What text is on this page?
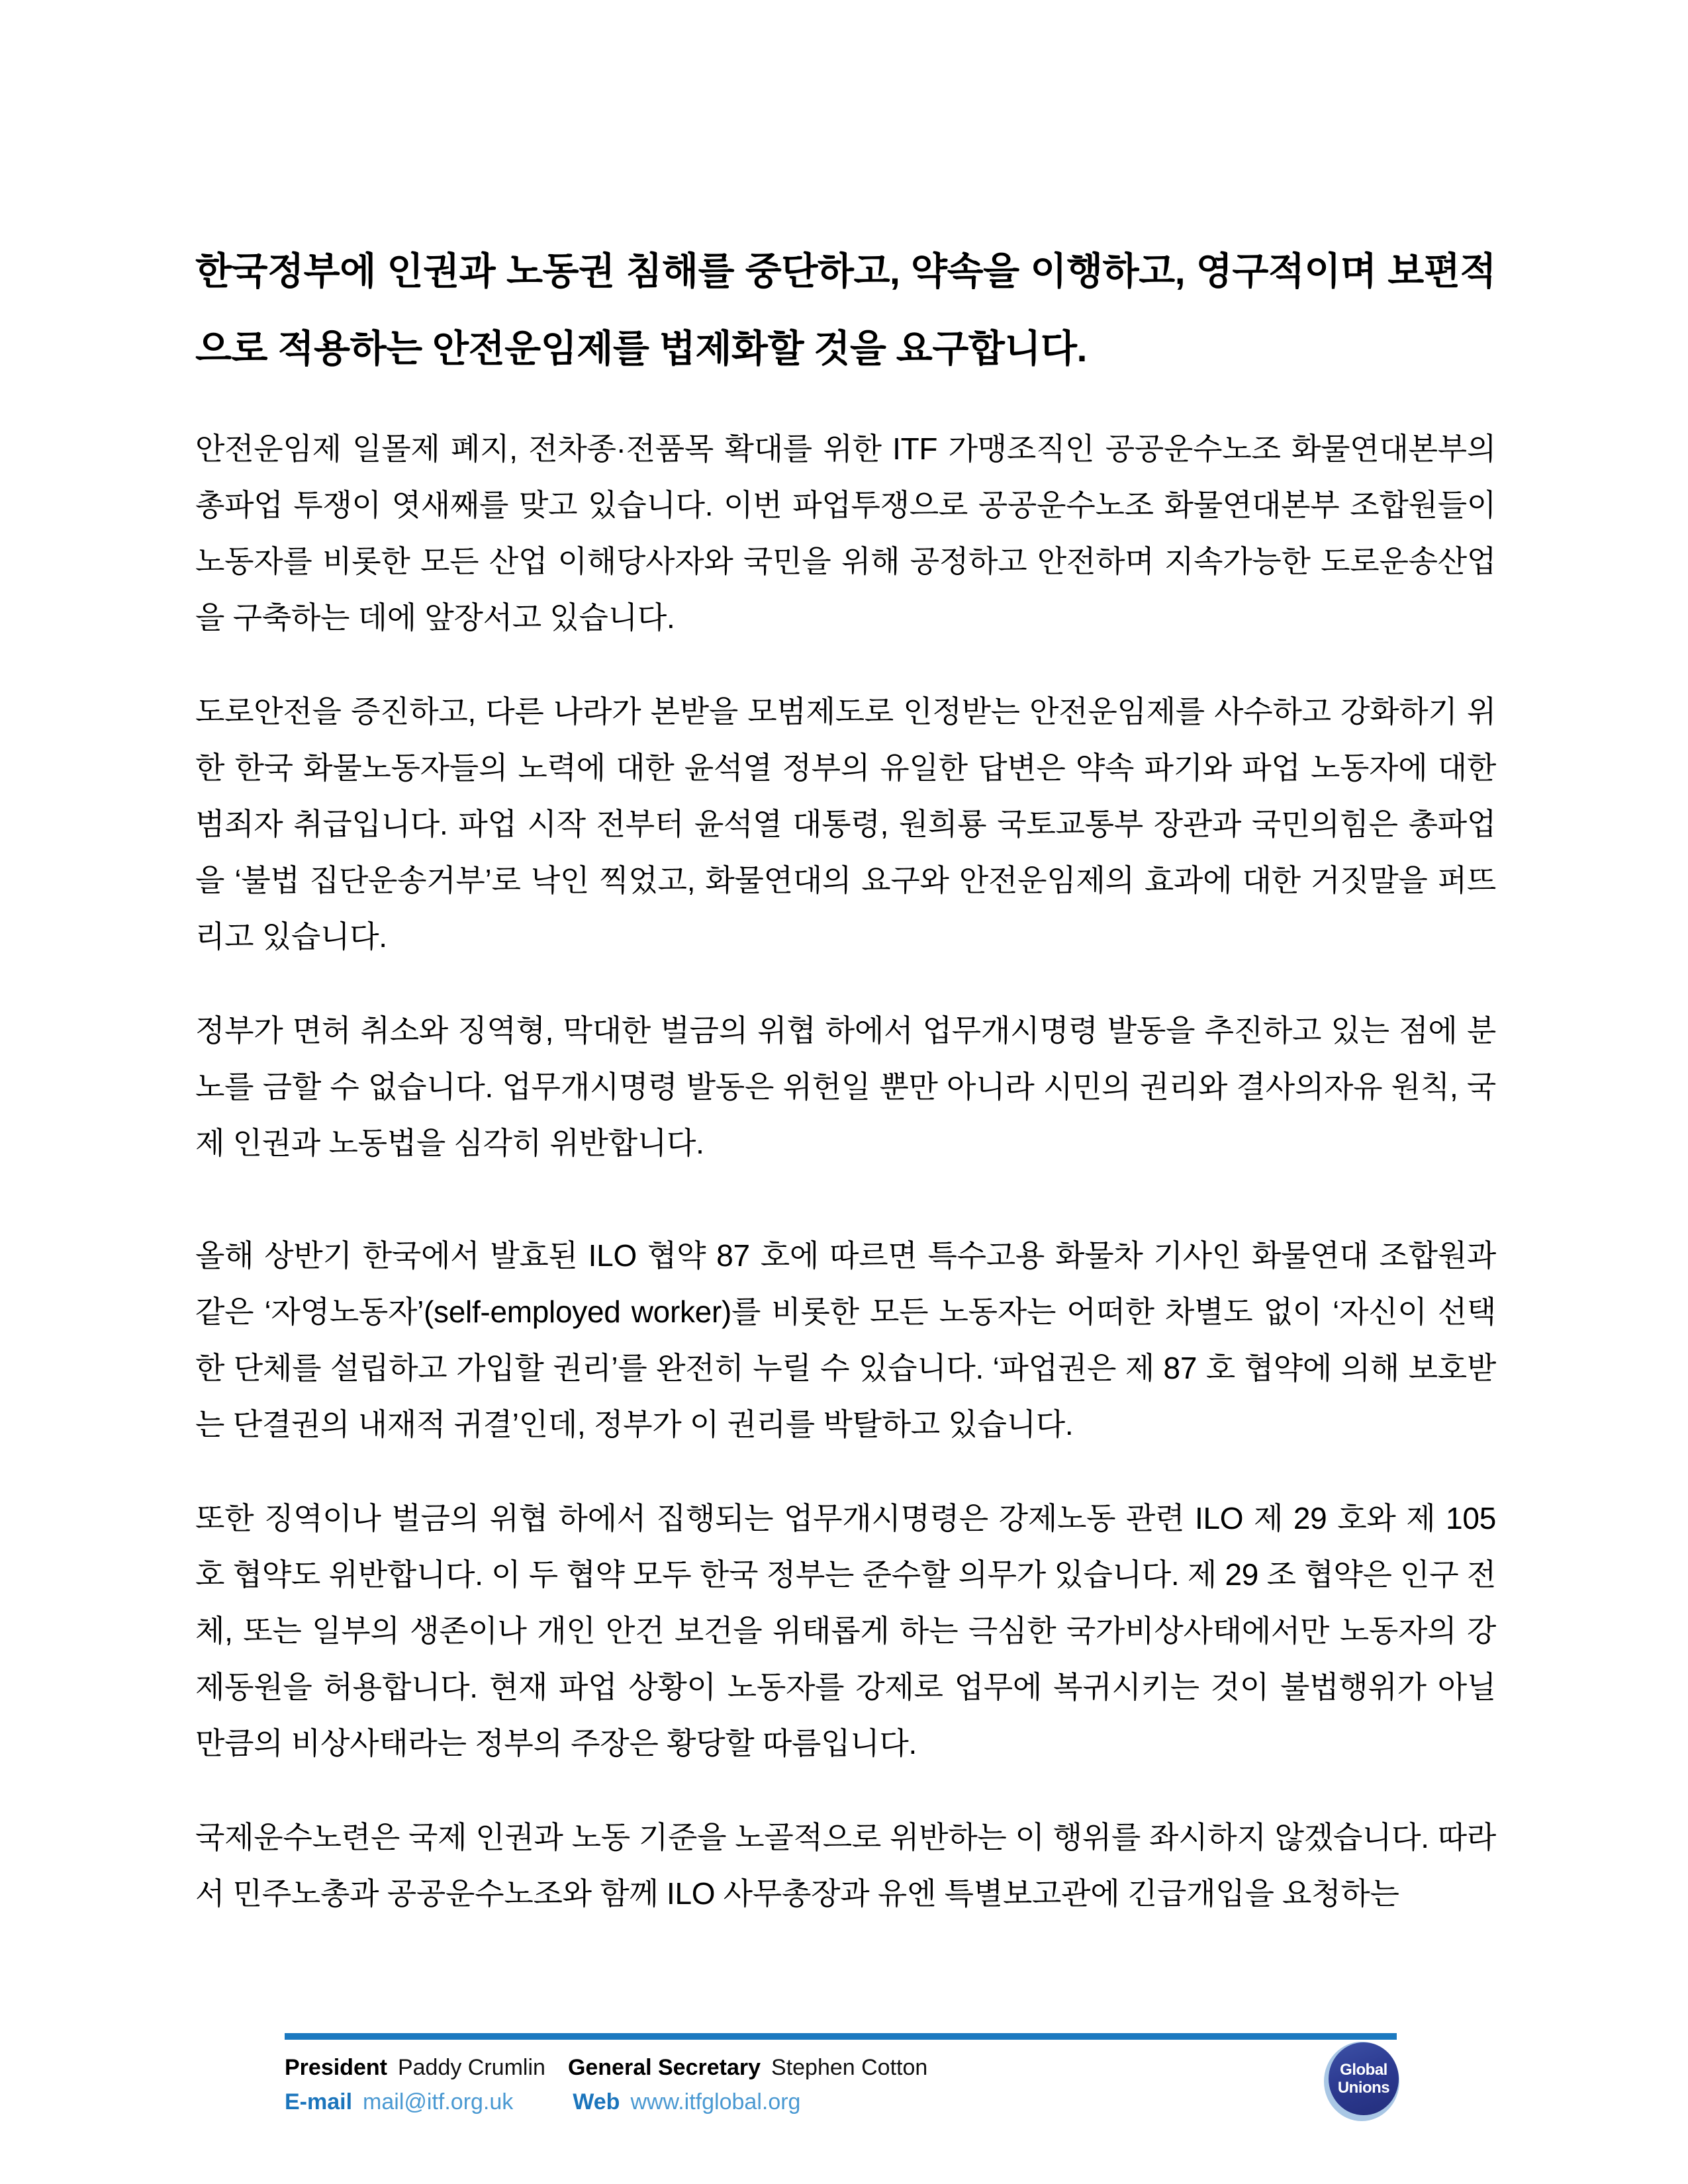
한국정부에 인권과 노동권 침해를 중단하고, 약속을 이행하고, 영구적이며 보편적으로 적용하는 안전운임제를 법제화할 것을 요구합니다.

안전운임제 일몰제 폐지, 전차종·전품목 확대를 위한 ITF 가맹조직인 공공운수노조 화물연대본부의 총파업 투쟁이 엿새째를 맞고 있습니다. 이번 파업투쟁으로 공공운수노조 화물연대본부 조합원들이 노동자를 비롯한 모든 산업 이해당사자와 국민을 위해 공정하고 안전하며 지속가능한 도로운송산업을 구축하는 데에 앞장서고 있습니다.

도로안전을 증진하고, 다른 나라가 본받을 모범제도로 인정받는 안전운임제를 사수하고 강화하기 위한 한국 화물노동자들의 노력에 대한 윤석열 정부의 유일한 답변은 약속 파기와 파업 노동자에 대한 범죄자 취급입니다. 파업 시작 전부터 윤석열 대통령, 원희룡 국토교통부 장관과 국민의힘은 총파업을 ‘불법 집단운송거부’로 낙인 찍었고, 화물연대의 요구와 안전운임제의 효과에 대한 거짓말을 퍼뜨리고 있습니다.

정부가 면허 취소와 징역형, 막대한 벌금의 위협 하에서 업무개시명령 발동을 추진하고 있는 점에 분노를 금할 수 없습니다. 업무개시명령 발동은 위헌일 뿐만 아니라 시민의 권리와 결사의자유 원칙, 국제 인권과 노동법을 심각히 위반합니다.

올해 상반기 한국에서 발효된 ILO 협약 87 호에 따르면 특수고용 화물차 기사인 화물연대 조합원과 같은 ‘자영노동자’(self-employed worker)를 비롯한 모든 노동자는 어떠한 차별도 없이 ‘자신이 선택한 단체를 설립하고 가입할 권리’를 완전히 누릴 수 있습니다. ‘파업권은 제 87 호 협약에 의해 보호받는 단결권의 내재적 귀결’인데, 정부가 이 권리를 박탈하고 있습니다.

또한 징역이나 벌금의 위협 하에서 집행되는 업무개시명령은 강제노동 관련 ILO 제 29 호와 제 105 호 협약도 위반합니다. 이 두 협약 모두 한국 정부는 준수할 의무가 있습니다. 제 29 조 협약은 인구 전체, 또는 일부의 생존이나 개인 안건 보건을 위태롭게 하는 극심한 국가비상사태에서만 노동자의 강제동원을 허용합니다. 현재 파업 상황이 노동자를 강제로 업무에 복귀시키는 것이 불법행위가 아닐 만큼의 비상사태라는 정부의 주장은 황당할 따름입니다.

국제운수노련은 국제 인권과 노동 기준을 노골적으로 위반하는 이 행위를 좌시하지 않겠습니다. 따라서 민주노총과 공공운수노조와 함께 ILO 사무총장과 유엔 특별보고관에 긴급개입을 요청하는

President Paddy Crumlin General Secretary Stephen Cotton
E-mail mail@itf.org.uk	Web www.itfglobal.org
Global
Unions
